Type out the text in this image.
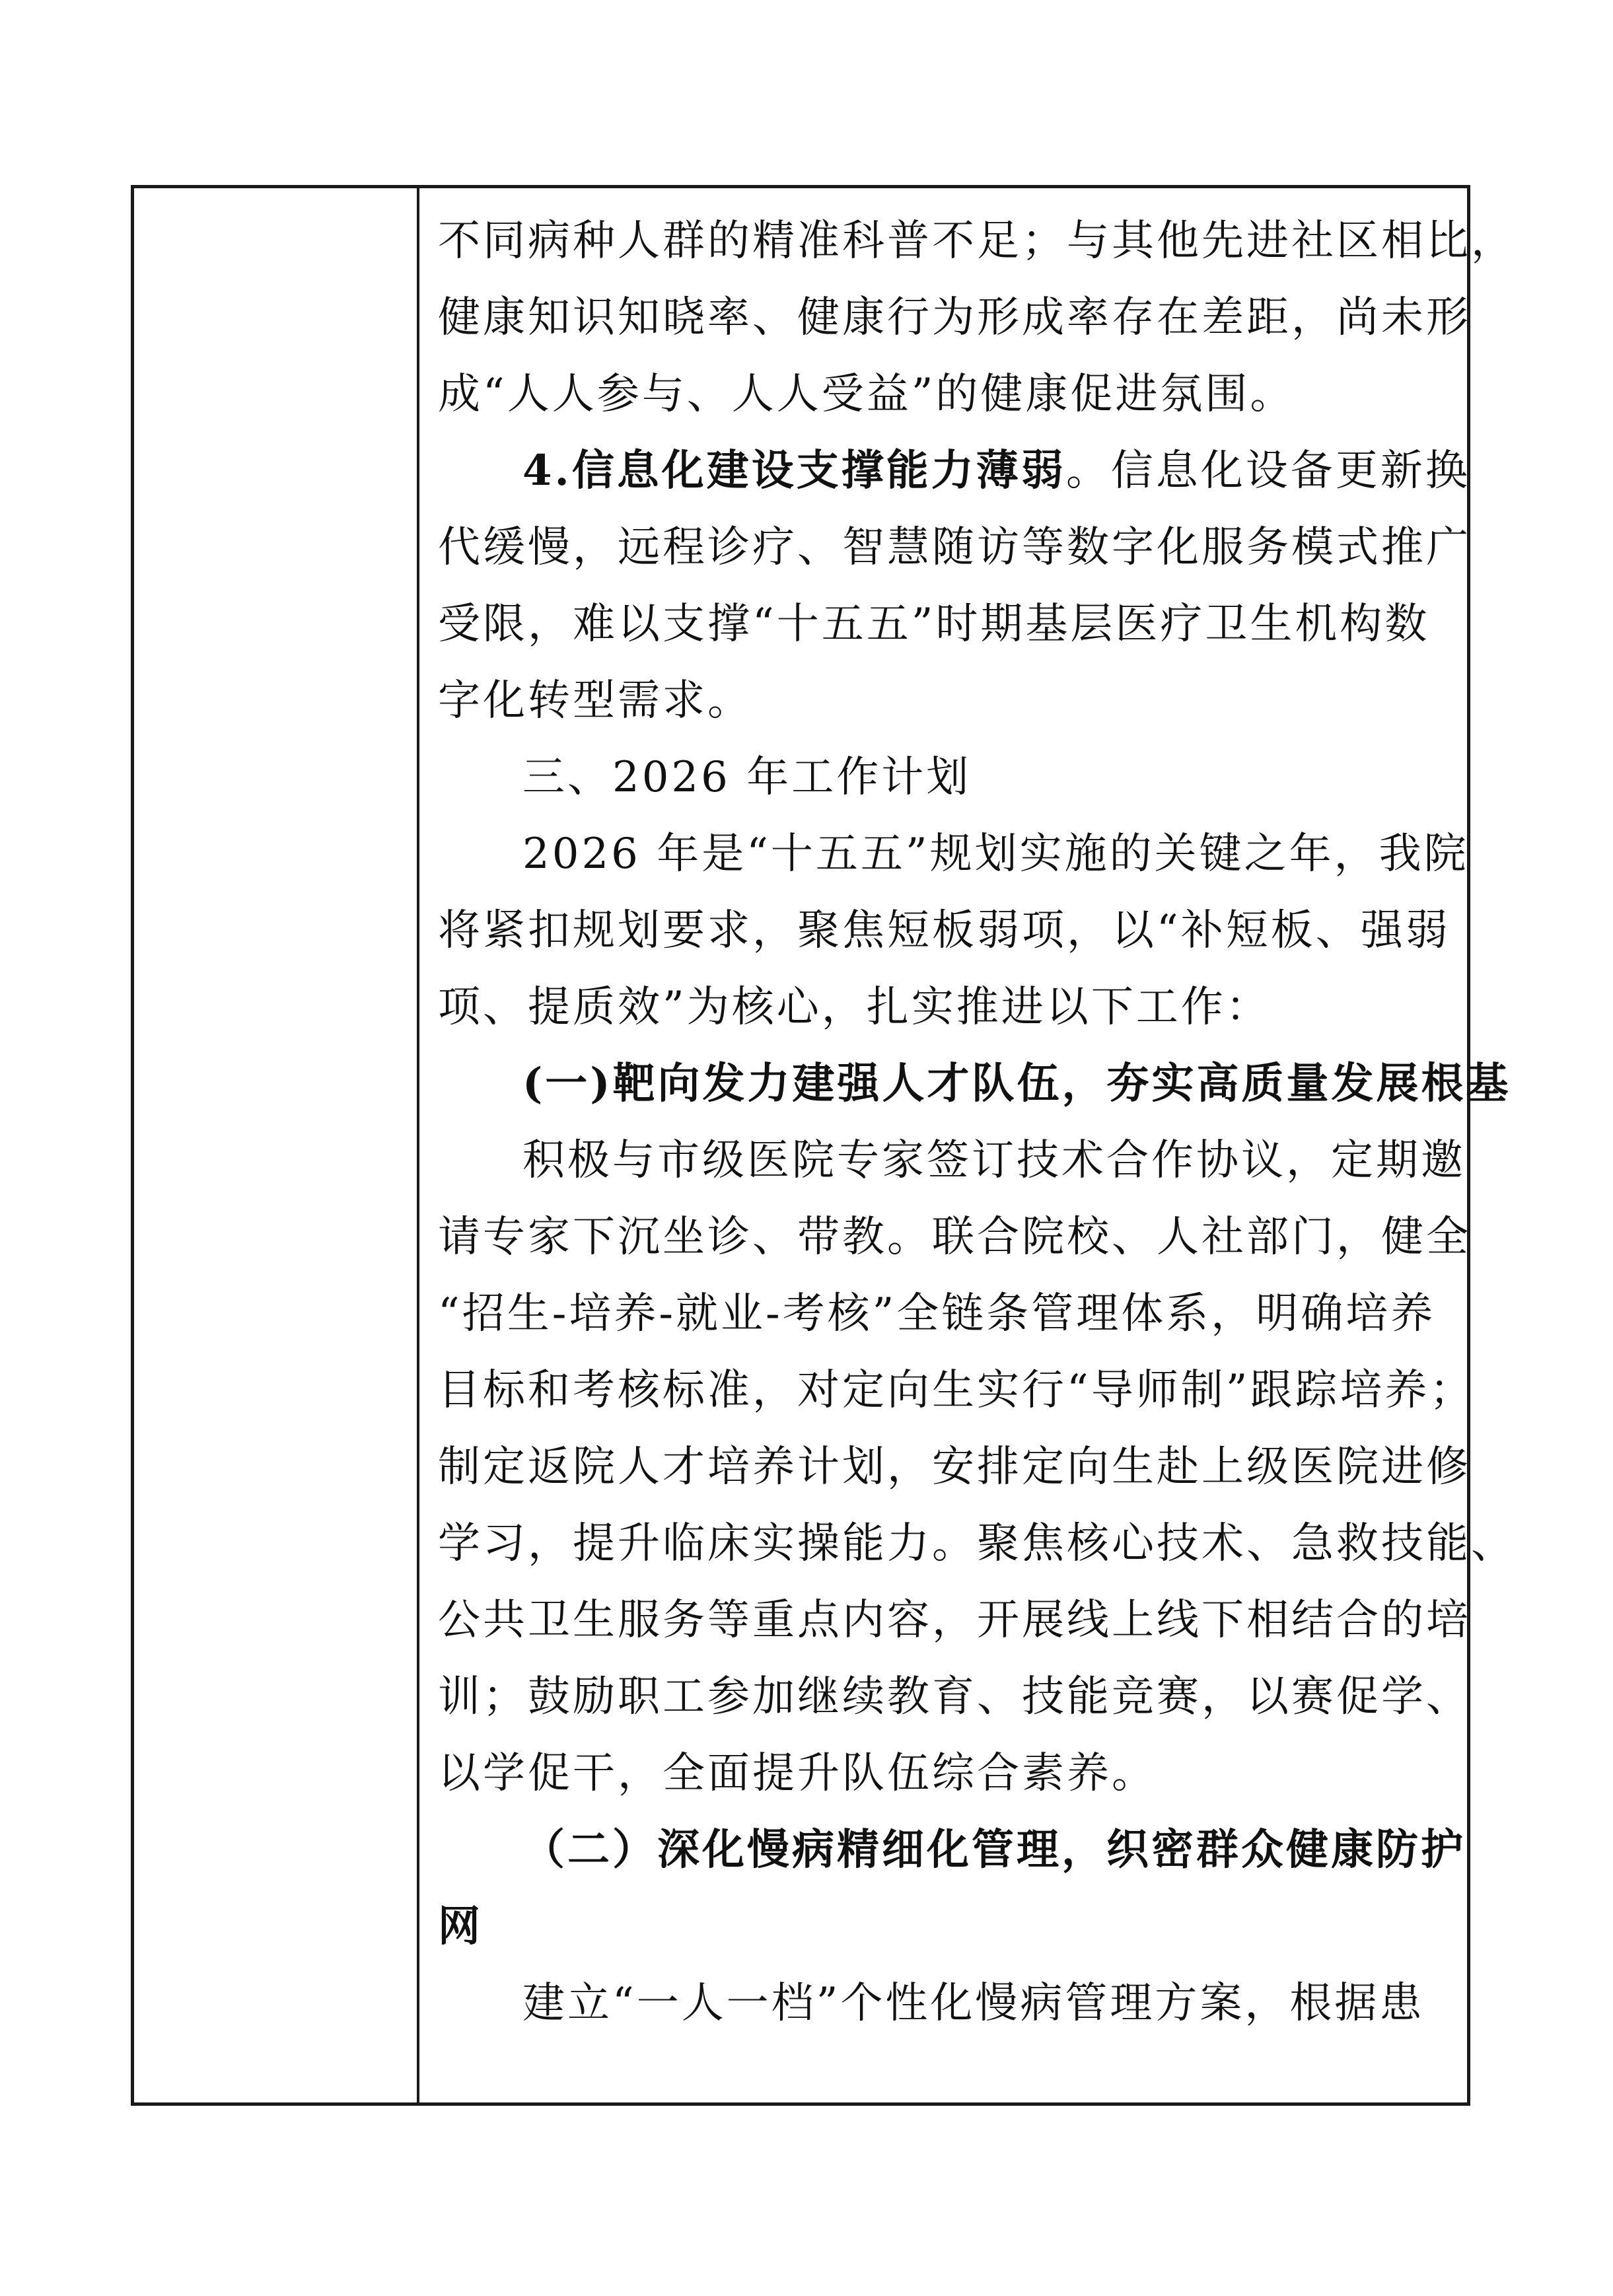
不同病种人群的精准科普不足；与其他先进社区相比，
健康知识知晓率、健康行为形成率存在差距，尚未形
成“人人参与、人人受益”的健康促进氛围。
4.信息化建设支撑能力薄弱。信息化设备更新换
代缓慢，远程诊疗、智慧随访等数字化服务模式推广
受限，难以支撑“十五五”时期基层医疗卫生机构数
字化转型需求。
三、2026 年工作计划
2026 年是“十五五”规划实施的关键之年，我院
将紧扣规划要求，聚焦短板弱项，以“补短板、强弱
项、提质效”为核心，扎实推进以下工作：
(一)靶向发力建强人才队伍，夯实高质量发展根基
积极与市级医院专家签订技术合作协议，定期邀
请专家下沉坐诊、带教。联合院校、人社部门，健全
“招生-培养-就业-考核”全链条管理体系，明确培养
目标和考核标准，对定向生实行“导师制”跟踪培养；
制定返院人才培养计划，安排定向生赴上级医院进修
学习，提升临床实操能力。聚焦核心技术、急救技能、
公共卫生服务等重点内容，开展线上线下相结合的培
训；鼓励职工参加继续教育、技能竞赛，以赛促学、
以学促干，全面提升队伍综合素养。
（二）深化慢病精细化管理，织密群众健康防护
网
建立“一人一档”个性化慢病管理方案，根据患
